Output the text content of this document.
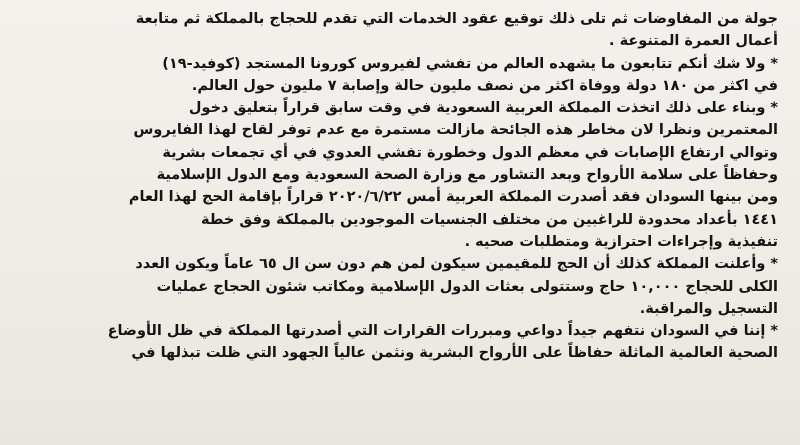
جولة من المفاوضات ثم تلى ذلك توقيع عقود الخدمات التي تقدم للحجاج بالمملكة ثم متابعة
أعمال العمرة المتنوعة .
* ولا شك أنكم تتابعون ما يشهده العالم من تفشي لفيروس كورونا المستجد (كوفيد-١٩)
في اكثر من ١٨٠ دولة ووفاة اكثر من نصف مليون حالة وإصابة ٧ مليون حول العالم.
* وبناء على ذلك اتخذت المملكة العربية السعودية في وقت سابق قراراً بتعليق دخول
المعتمرين ونظرا لان مخاطر هذه الجائحة مازالت مستمرة مع عدم توفر لقاح لهذا الفايروس
وتوالي ارتفاع الإصابات في معظم الدول وخطورة تفشي العدوي في أي تجمعات بشرية
وحفاظاً على سلامة الأرواح وبعد التشاور مع وزارة الصحة السعودية ومع الدول الإسلامية
ومن بينها السودان فقد أصدرت المملكة العربية أمس ٢٠٢٠/٦/٢٢ قراراً بإقامة الحج لهذا العام
١٤٤١ بأعداد محدودة للراغبين من مختلف الجنسيات الموجودين بالمملكة وفق خطة
تنفيذية وإجراءات احترازية ومتطلبات صحيه .
* وأعلنت المملكة كذلك أن الحج للمقيمين سيكون لمن هم دون سن ال ٦٥ عاماً ويكون العدد
الكلى للحجاج ١٠,٠٠٠ حاج وستتولى بعثات الدول الإسلامية ومكاتب شئون الحجاج عمليات
التسجيل والمراقبة.
* إننا في السودان نتفهم جيداً دواعي ومبررات القرارات التي أصدرتها المملكة في ظل الأوضاع
الصحية العالمية الماثلة حفاظاً على الأرواح البشرية ونثمن عالياً الجهود التي ظلت تبذلها في
